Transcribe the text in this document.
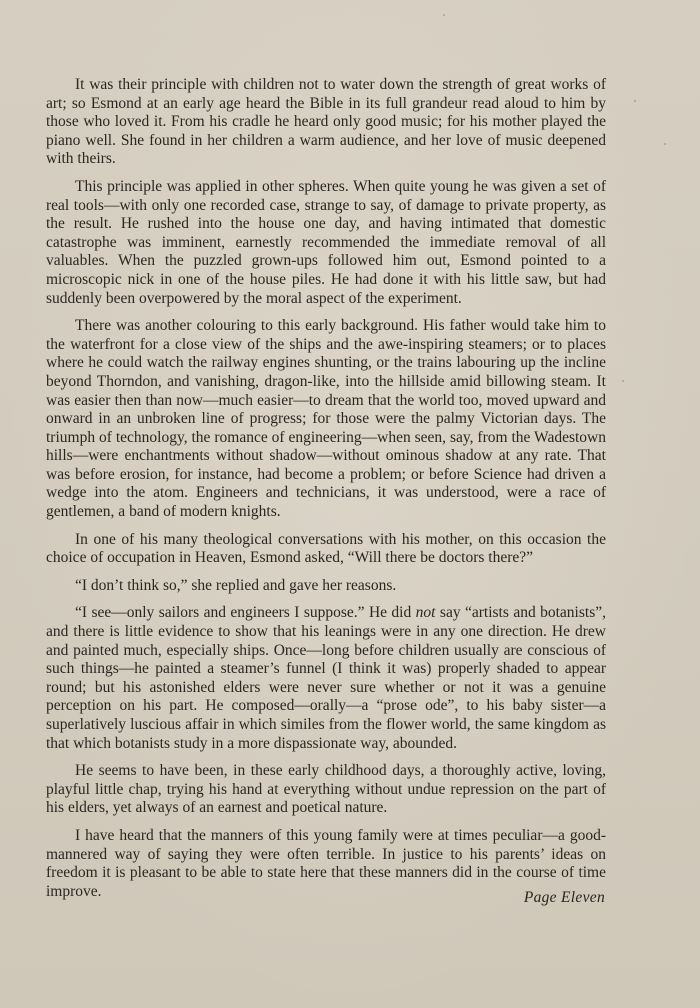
It was their principle with children not to water down the strength of great works of art; so Esmond at an early age heard the Bible in its full grandeur read aloud to him by those who loved it. From his cradle he heard only good music; for his mother played the piano well. She found in her children a warm audience, and her love of music deepened with theirs.

This principle was applied in other spheres. When quite young he was given a set of real tools—with only one recorded case, strange to say, of damage to private property, as the result. He rushed into the house one day, and having intimated that domestic catastrophe was imminent, earnestly recommended the immediate removal of all valuables. When the puzzled grown-ups followed him out, Esmond pointed to a microscopic nick in one of the house piles. He had done it with his little saw, but had suddenly been overpowered by the moral aspect of the experiment.

There was another colouring to this early background. His father would take him to the waterfront for a close view of the ships and the awe-inspiring steamers; or to places where he could watch the railway engines shunting, or the trains labouring up the incline beyond Thorndon, and vanishing, dragon-like, into the hillside amid billowing steam. It was easier then than now—much easier—to dream that the world too, moved upward and onward in an unbroken line of progress; for those were the palmy Victorian days. The triumph of technology, the romance of engineering—when seen, say, from the Wadestown hills—were enchantments without shadow—without ominous shadow at any rate. That was before erosion, for instance, had become a problem; or before Science had driven a wedge into the atom. Engineers and technicians, it was understood, were a race of gentlemen, a band of modern knights.

In one of his many theological conversations with his mother, on this occasion the choice of occupation in Heaven, Esmond asked, “Will there be doctors there?”

“I don’t think so,” she replied and gave her reasons.

“I see—only sailors and engineers I suppose.” He did not say “artists and botanists”, and there is little evidence to show that his leanings were in any one direction. He drew and painted much, especially ships. Once—long before children usually are conscious of such things—he painted a steamer’s funnel (I think it was) properly shaded to appear round; but his astonished elders were never sure whether or not it was a genuine perception on his part. He composed—orally—a “prose ode”, to his baby sister—a superlatively luscious affair in which similes from the flower world, the same kingdom as that which botanists study in a more dispassionate way, abounded.

He seems to have been, in these early childhood days, a thoroughly active, loving, playful little chap, trying his hand at everything without undue repression on the part of his elders, yet always of an earnest and poetical nature.

I have heard that the manners of this young family were at times peculiar—a good-mannered way of saying they were often terrible. In justice to his parents’ ideas on freedom it is pleasant to be able to state here that these manners did in the course of time improve.	Page Eleven
